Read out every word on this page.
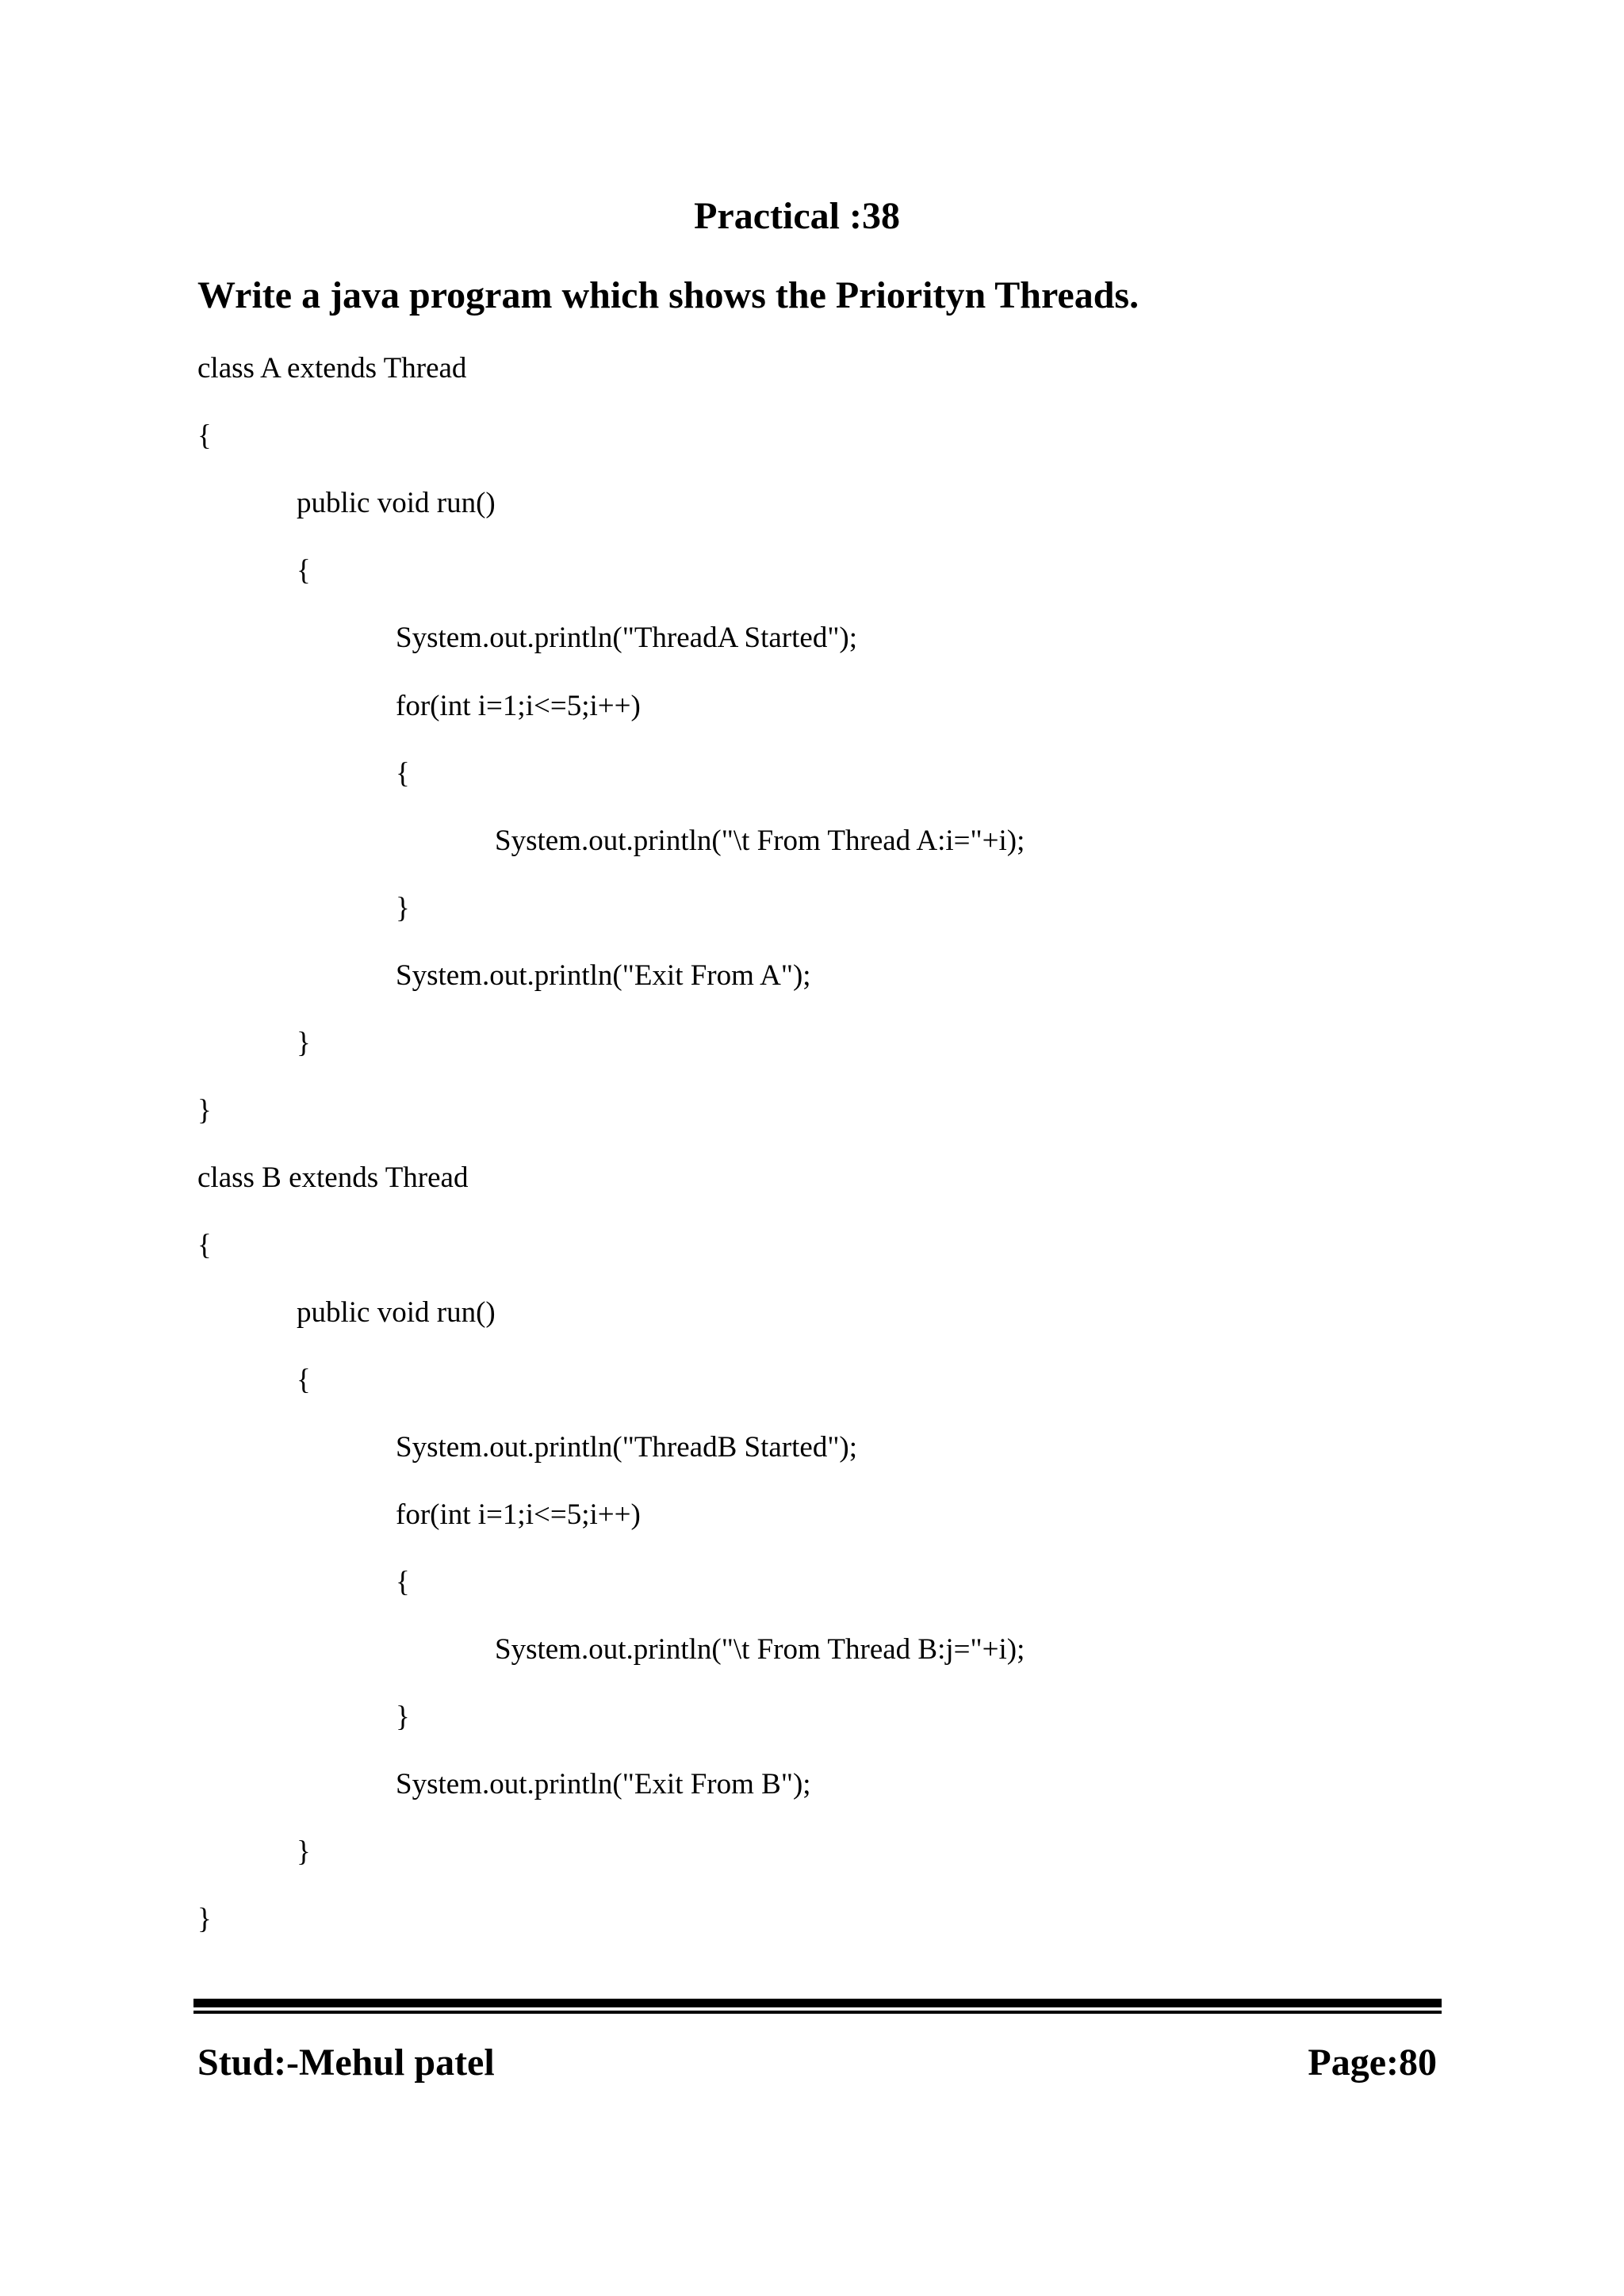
Practical :38
Write a java program which shows the Priorityn Threads.

class A extends Thread

{

public void run()

{

System.out.println("ThreadA Started");

for(int i=1;i<=5;i++)

{

System.out.println("\t From Thread A:i="+i);

}

System.out.println("Exit From A");

}

}

class B extends Thread

{

public void run()

{

System.out.println("ThreadB Started");

for(int i=1;i<=5;i++)

{

System.out.println("\t From Thread B:j="+i);

}

System.out.println("Exit From B");

}

}

Stud:-Mehul patel	Page:80
